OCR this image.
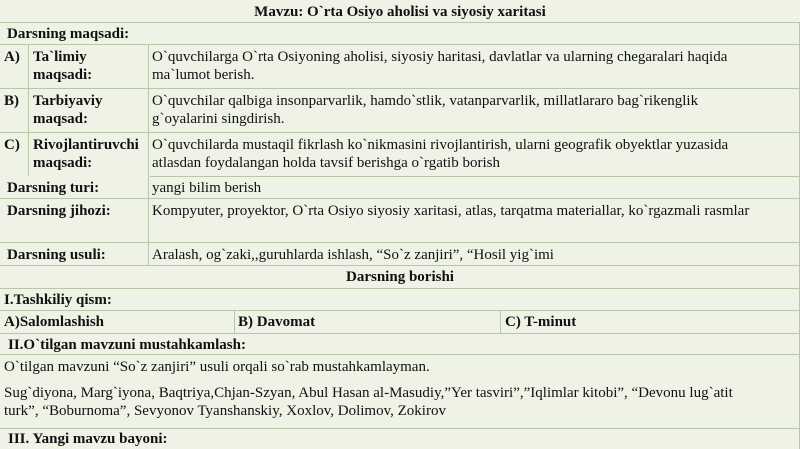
Mavzu: O`rta Osiyo aholisi va siyosiy xaritasi
Darsning maqsadi:
A) Ta`limiy
maqsadi:
O`quvchilarga O`rta Osiyoning aholisi, siyosiy haritasi, davlatlar va ularning chegaralari haqida
ma`lumot berish.
B) Tarbiyaviy
maqsad:
O`quvchilar qalbiga insonparvarlik, hamdo`stlik, vatanparvarlik, millatlararo bag`rikenglik
g`oyalarini singdirish.
C) Rivojlantiruvchi
maqsadi:
O`quvchilarda mustaqil fikrlash ko`nikmasini rivojlantirish, ularni geografik obyektlar yuzasida
atlasdan foydalangan holda tavsif berishga o`rgatib borish
Darsning turi:	yangi bilim berish
Darsning jihozi:	Kompyuter, proyektor, O`rta Osiyo siyosiy xaritasi, atlas, tarqatma materiallar, ko`rgazmali rasmlar
Darsning usuli:	Aralash, og`zaki,,guruhlarda ishlash, “So`z zanjiri”, “Hosil yig`imi
Darsning borishi
I.Tashkiliy qism:
A)Salomlashish	B) Davomat	C) T-minut
II.O`tilgan mavzuni mustahkamlash:
O`tilgan mavzuni “So`z zanjiri” usuli orqali so`rab mustahkamlayman.
Sug`diyona, Marg`iyona, Baqtriya,Chjan-Szyan, Abul Hasan al-Masudiy,”Yer tasviri”,”Iqlimlar kitobi”, “Devonu lug`atit
turk”, “Boburnoma”, Sevyonov Tyanshanskiy, Xoxlov, Dolimov, Zokirov
III. Yangi mavzu bayoni:
